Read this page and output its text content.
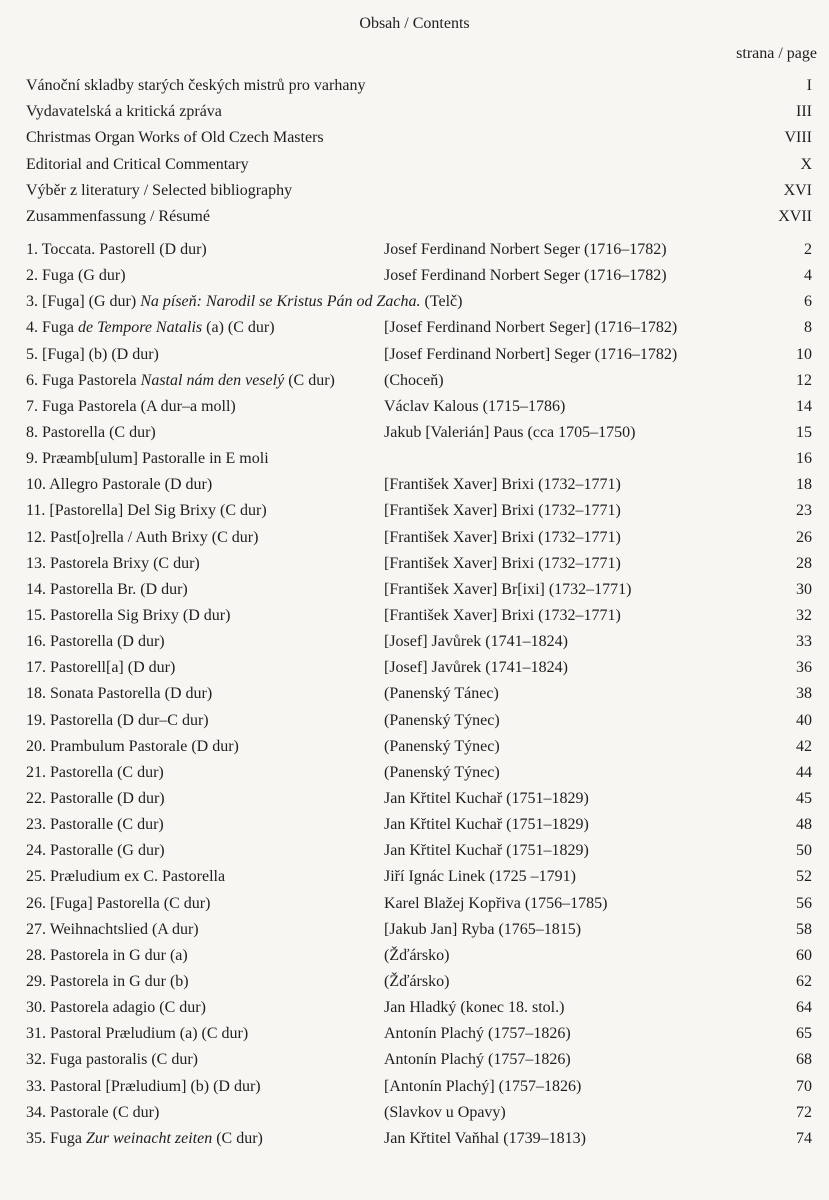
Obsah / Contents
strana / page
Vánoční skladby starých českých mistrů pro varhany	I
Vydavatelská a kritická zpráva	III
Christmas Organ Works of Old Czech Masters	VIII
Editorial and Critical Commentary	X
Výběr z literatury / Selected bibliography	XVI
Zusammenfassung / Résumé	XVII
1. Toccata. Pastorell (D dur)	Josef Ferdinand Norbert Seger (1716–1782)	2
2. Fuga (G dur)	Josef Ferdinand Norbert Seger (1716–1782)	4
3. [Fuga] (G dur) Na píseň: Narodil se Kristus Pán od Zacha. (Telč)	6
4. Fuga de Tempore Natalis (a) (C dur)	[Josef Ferdinand Norbert Seger] (1716–1782)	8
5. [Fuga] (b) (D dur)	[Josef Ferdinand Norbert] Seger (1716–1782)	10
6. Fuga Pastorela Nastal nám den veselý (C dur)	(Choceň)	12
7. Fuga Pastorela (A dur–a moll)	Václav Kalous (1715–1786)	14
8. Pastorella (C dur)	Jakub [Valerián] Paus (cca 1705–1750)	15
9. Præamb[ulum] Pastoralle in E moli	16
10. Allegro Pastorale (D dur)	[František Xaver] Brixi (1732–1771)	18
11. [Pastorella] Del Sig Brixy (C dur)	[František Xaver] Brixi (1732–1771)	23
12. Past[o]rella / Auth Brixy (C dur)	[František Xaver] Brixi (1732–1771)	26
13. Pastorela Brixy (C dur)	[František Xaver] Brixi (1732–1771)	28
14. Pastorella Br. (D dur)	[František Xaver] Br[ixi] (1732–1771)	30
15. Pastorella Sig Brixy (D dur)	[František Xaver] Brixi (1732–1771)	32
16. Pastorella (D dur)	[Josef] Javůrek (1741–1824)	33
17. Pastorell[a] (D dur)	[Josef] Javůrek (1741–1824)	36
18. Sonata Pastorella (D dur)	(Panenský Tánec)	38
19. Pastorella (D dur–C dur)	(Panenský Týnec)	40
20. Prambulum Pastorale (D dur)	(Panenský Týnec)	42
21. Pastorella (C dur)	(Panenský Týnec)	44
22. Pastoralle (D dur)	Jan Křtitel Kuchař (1751–1829)	45
23. Pastoralle (C dur)	Jan Křtitel Kuchař (1751–1829)	48
24. Pastoralle (G dur)	Jan Křtitel Kuchař (1751–1829)	50
25. Præludium ex C. Pastorella	Jiří Ignác Linek (1725 –1791)	52
26. [Fuga] Pastorella (C dur)	Karel Blažej Kopřiva (1756–1785)	56
27. Weihnachtslied (A dur)	[Jakub Jan] Ryba (1765–1815)	58
28. Pastorela in G dur (a)	(Žďársko)	60
29. Pastorela in G dur (b)	(Žďársko)	62
30. Pastorela adagio (C dur)	Jan Hladký (konec 18. stol.)	64
31. Pastoral Præludium (a) (C dur)	Antonín Plachý (1757–1826)	65
32. Fuga pastoralis (C dur)	Antonín Plachý (1757–1826)	68
33. Pastoral [Præludium] (b) (D dur)	[Antonín Plachý] (1757–1826)	70
34. Pastorale (C dur)	(Slavkov u Opavy)	72
35. Fuga Zur weinacht zeiten (C dur)	Jan Křtitel Vaňhal (1739–1813)	74
